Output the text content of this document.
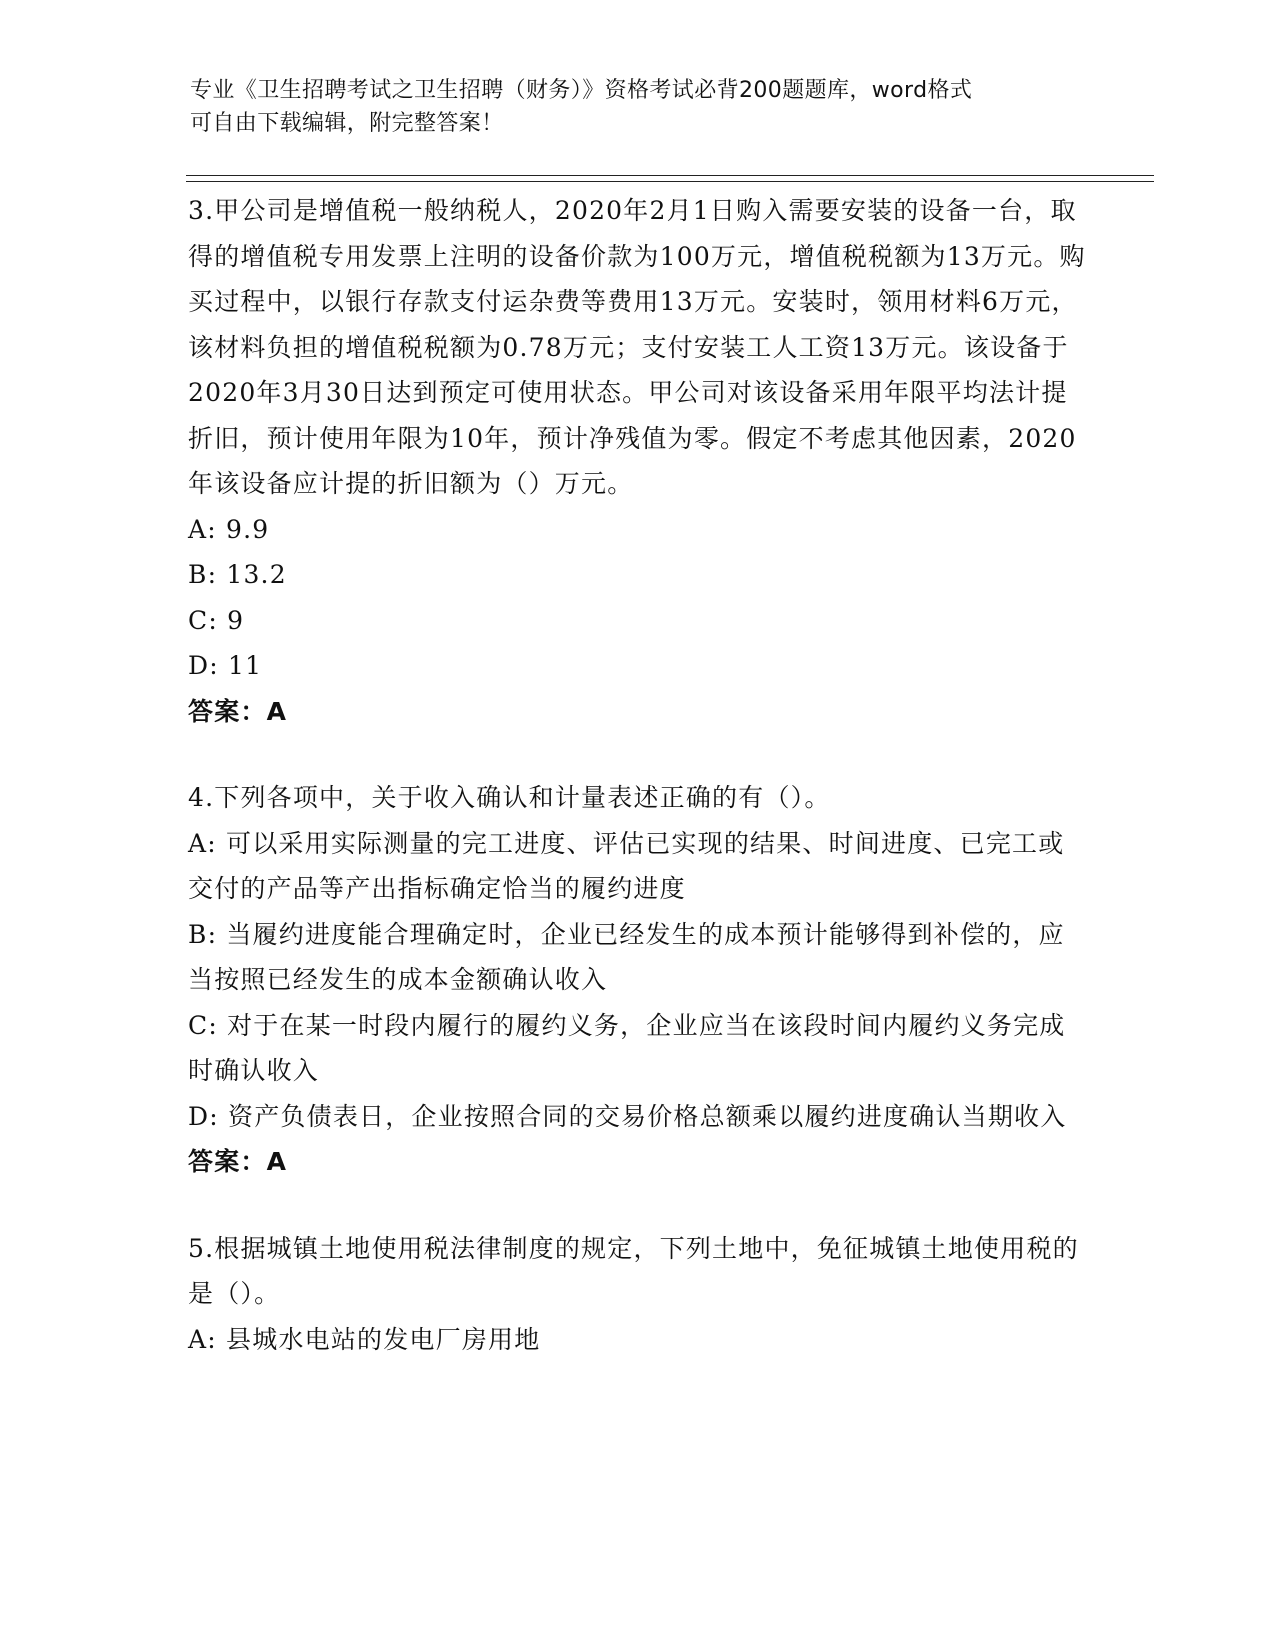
专业《卫生招聘考试之卫生招聘（财务）》资格考试必背200题题库，word格式
可自由下载编辑，附完整答案！

3.甲公司是增值税一般纳税人，2020年2月1日购入需要安装的设备一台，取得的增值税专用发票上注明的设备价款为100万元，增值税税额为13万元。购买过程中，以银行存款支付运杂费等费用13万元。安装时，领用材料6万元，该材料负担的增值税税额为0.78万元；支付安装工人工资13万元。该设备于2020年3月30日达到预定可使用状态。甲公司对该设备采用年限平均法计提折旧，预计使用年限为10年，预计净残值为零。假定不考虑其他因素，2020年该设备应计提的折旧额为（）万元。

A: 9.9

B: 13.2

C: 9

D: 11

答案：A

4.下列各项中，关于收入确认和计量表述正确的有（）。

A: 可以采用实际测量的完工进度、评估已实现的结果、时间进度、已完工或交付的产品等产出指标确定恰当的履约进度

B: 当履约进度能合理确定时，企业已经发生的成本预计能够得到补偿的，应当按照已经发生的成本金额确认收入

C: 对于在某一时段内履行的履约义务，企业应当在该段时间内履约义务完成时确认收入

D: 资产负债表日，企业按照合同的交易价格总额乘以履约进度确认当期收入

答案：A

5.根据城镇土地使用税法律制度的规定，下列土地中，免征城镇土地使用税的是（）。

A: 县城水电站的发电厂房用地
